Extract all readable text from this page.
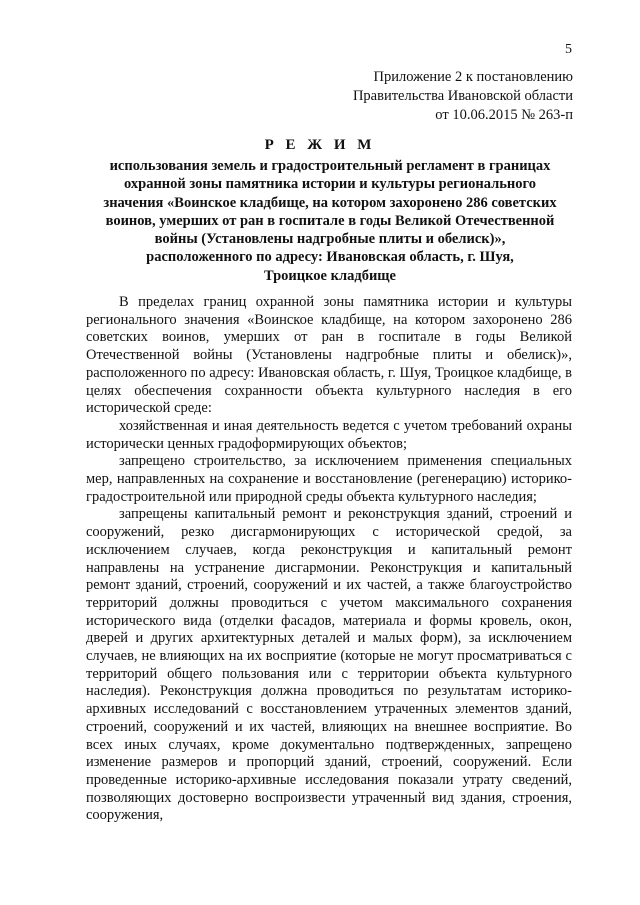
5
Приложение 2 к постановлению
Правительства Ивановской области
от 10.06.2015 № 263-п
Р Е Ж И М
использования земель и градостроительный регламент в границах
охранной зоны памятника истории и культуры регионального
значения «Воинское кладбище, на котором захоронено 286 советских
воинов, умерших от ран в госпитале в годы Великой Отечественной
войны (Установлены надгробные плиты и обелиск)»,
расположенного по адресу: Ивановская область, г. Шуя,
Троицкое кладбище

В пределах границ охранной зоны памятника истории и культуры регионального значения «Воинское кладбище, на котором захоронено 286 советских воинов, умерших от ран в госпитале в годы Великой Отечественной войны (Установлены надгробные плиты и обелиск)», расположенного по адресу: Ивановская область, г. Шуя, Троицкое кладбище, в целях обеспечения сохранности объекта культурного наследия в его исторической среде:

хозяйственная и иная деятельность ведется с учетом требований охраны исторически ценных градоформирующих объектов;

запрещено строительство, за исключением применения специальных мер, направленных на сохранение и восстановление (регенерацию) историко-градостроительной или природной среды объекта культурного наследия;

запрещены капитальный ремонт и реконструкция зданий, строений и сооружений, резко дисгармонирующих с исторической средой, за исключением случаев, когда реконструкция и капитальный ремонт направлены на устранение дисгармонии. Реконструкция и капитальный ремонт зданий, строений, сооружений и их частей, а также благоустройство территорий должны проводиться с учетом максимального сохранения исторического вида (отделки фасадов, материала и формы кровель, окон, дверей и других архитектурных деталей и малых форм), за исключением случаев, не влияющих на их восприятие (которые не могут просматриваться с территорий общего пользования или с территории объекта культурного наследия). Реконструкция должна проводиться по результатам историко-архивных исследований с восстановлением утраченных элементов зданий, строений, сооружений и их частей, влияющих на внешнее восприятие. Во всех иных случаях, кроме документально подтвержденных, запрещено изменение размеров и пропорций зданий, строений, сооружений. Если проведенные историко-архивные исследования показали утрату сведений, позволяющих достоверно воспроизвести утраченный вид здания, строения, сооружения,
